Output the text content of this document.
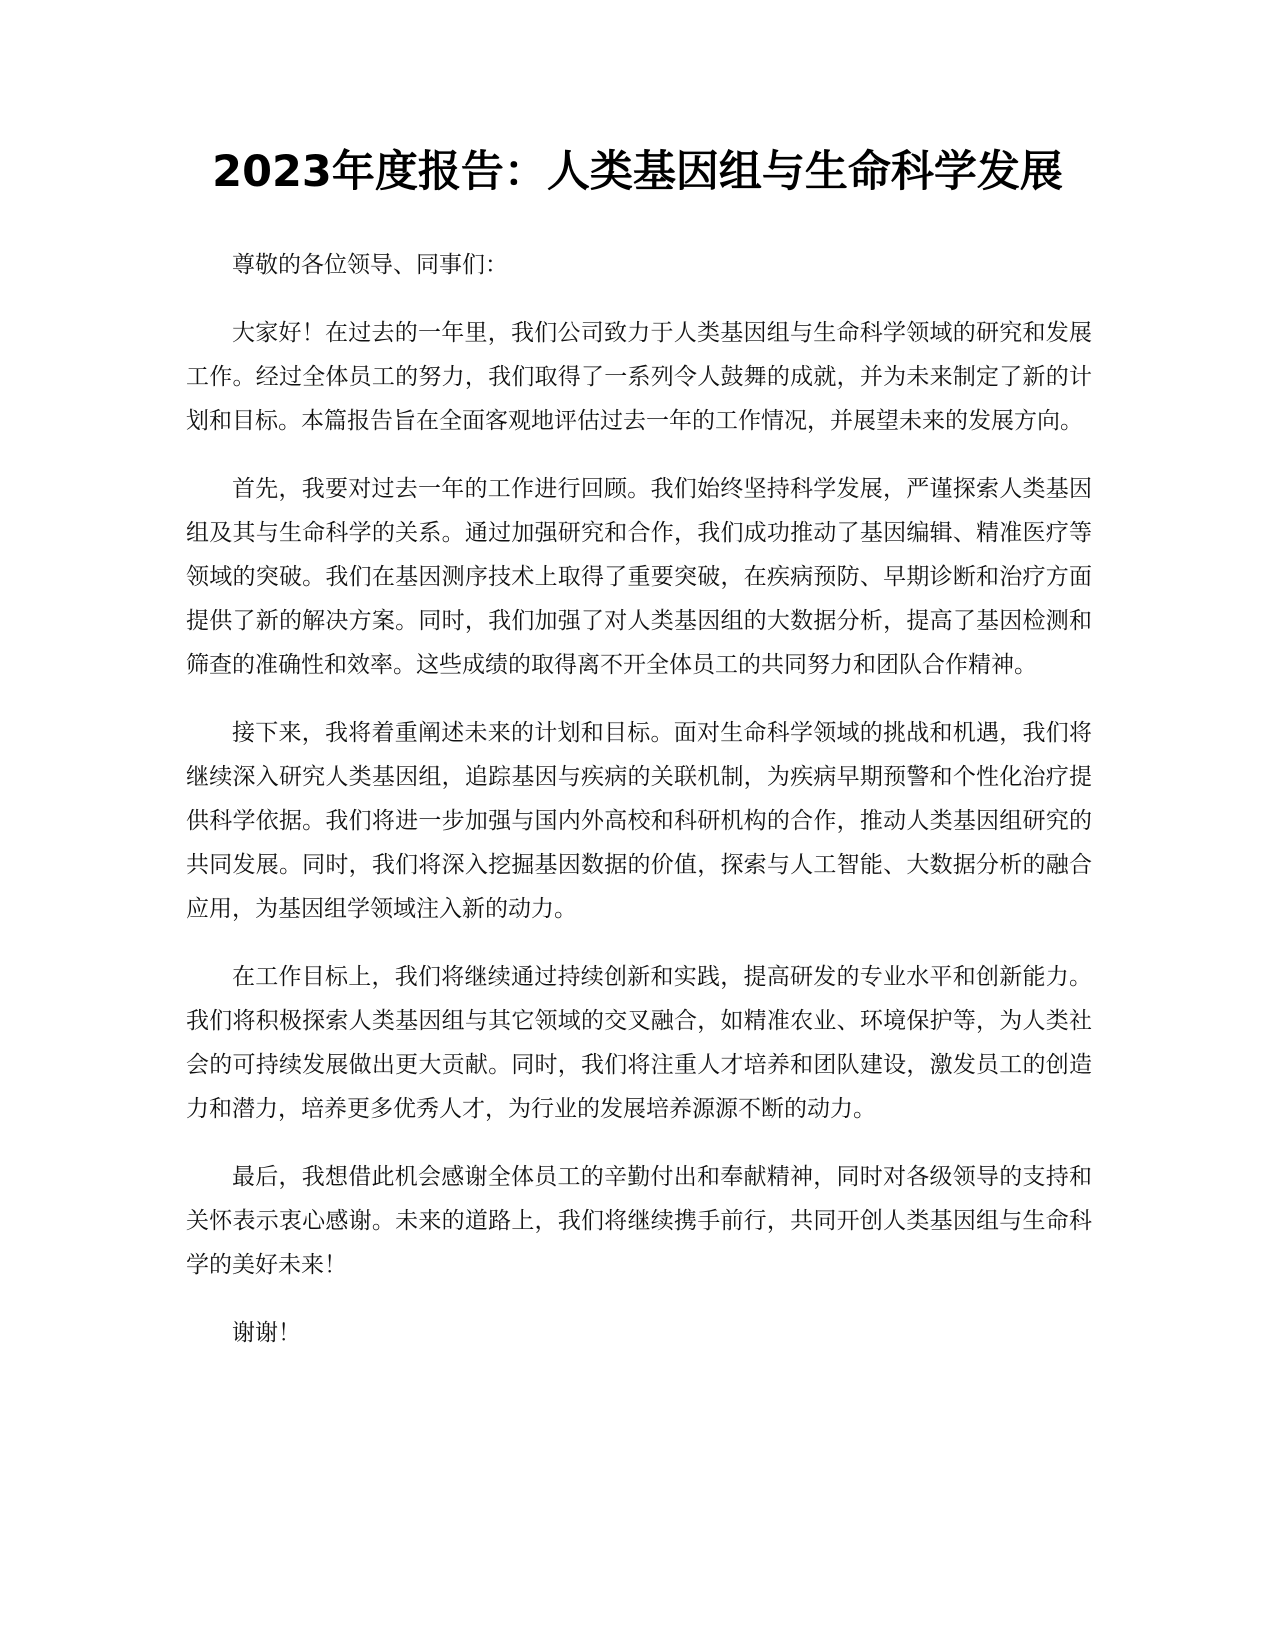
2023年度报告：人类基因组与生命科学发展

尊敬的各位领导、同事们：

大家好！在过去的一年里，我们公司致力于人类基因组与生命科学领域的研究和发展工作。经过全体员工的努力，我们取得了一系列令人鼓舞的成就，并为未来制定了新的计划和目标。本篇报告旨在全面客观地评估过去一年的工作情况，并展望未来的发展方向。

首先，我要对过去一年的工作进行回顾。我们始终坚持科学发展，严谨探索人类基因组及其与生命科学的关系。通过加强研究和合作，我们成功推动了基因编辑、精准医疗等领域的突破。我们在基因测序技术上取得了重要突破，在疾病预防、早期诊断和治疗方面提供了新的解决方案。同时，我们加强了对人类基因组的大数据分析，提高了基因检测和筛查的准确性和效率。这些成绩的取得离不开全体员工的共同努力和团队合作精神。

接下来，我将着重阐述未来的计划和目标。面对生命科学领域的挑战和机遇，我们将继续深入研究人类基因组，追踪基因与疾病的关联机制，为疾病早期预警和个性化治疗提供科学依据。我们将进一步加强与国内外高校和科研机构的合作，推动人类基因组研究的共同发展。同时，我们将深入挖掘基因数据的价值，探索与人工智能、大数据分析的融合应用，为基因组学领域注入新的动力。

在工作目标上，我们将继续通过持续创新和实践，提高研发的专业水平和创新能力。我们将积极探索人类基因组与其它领域的交叉融合，如精准农业、环境保护等，为人类社会的可持续发展做出更大贡献。同时，我们将注重人才培养和团队建设，激发员工的创造力和潜力，培养更多优秀人才，为行业的发展培养源源不断的动力。

最后，我想借此机会感谢全体员工的辛勤付出和奉献精神，同时对各级领导的支持和关怀表示衷心感谢。未来的道路上，我们将继续携手前行，共同开创人类基因组与生命科学的美好未来！

谢谢！
